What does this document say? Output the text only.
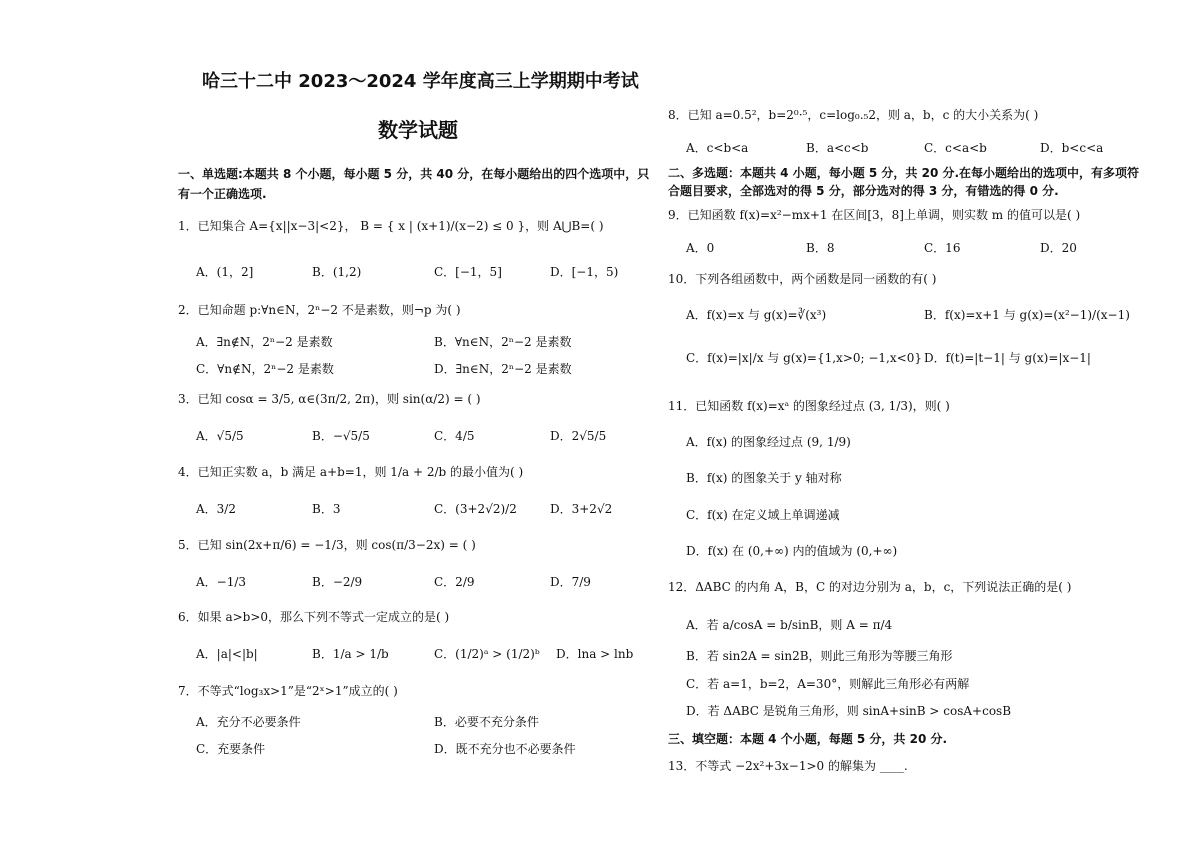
哈三十二中 2023～2024 学年度高三上学期期中考试
数学试题
一、单选题:本题共 8 个小题，每小题 5 分，共 40 分，在每小题给出的四个选项中，只
有一个正确选项.
1．已知集合 A={x||x−3|<2}， B = { x | (x+1)/(x−2) ≤ 0 }，则 A⋃B=( )
A．(1，2]	B．(1,2)	C．[−1，5]	D．[−1，5)
2．已知命题 p:∀n∈N，2ⁿ−2 不是素数，则¬p 为( )
A．∃n∉N，2ⁿ−2 是素数	B．∀n∈N，2ⁿ−2 是素数
C．∀n∉N，2ⁿ−2 是素数	D．∃n∈N，2ⁿ−2 是素数
3．已知 cosα = 3/5, α∈(3π/2, 2π)，则 sin(α/2) = ( )
A．√5/5	B．−√5/5	C．4/5	D．2√5/5
4．已知正实数 a，b 满足 a+b=1，则 1/a + 2/b 的最小值为( )
A．3/2	B．3	C．(3+2√2)/2	D．3+2√2
5．已知 sin(2x+π/6) = −1/3，则 cos(π/3−2x) = ( )
A．−1/3	B．−2/9	C．2/9	D．7/9
6．如果 a>b>0，那么下列不等式一定成立的是( )
A．|a|<|b|	B．1/a > 1/b	C．(1/2)ᵃ > (1/2)ᵇ D．lna > lnb
7．不等式“log₃x>1”是“2ˣ>1”成立的( )
A．充分不必要条件	B．必要不充分条件
C．充要条件	D．既不充分也不必要条件
8．已知 a=0.5²，b=2⁰·⁵，c=log₀.₅2，则 a，b，c 的大小关系为( )
A．c<b<a	B．a<c<b	C．c<a<b	D．b<c<a
二、多选题：本题共 4 小题，每小题 5 分，共 20 分.在每小题给出的选项中，有多项符
合题目要求，全部选对的得 5 分，部分选对的得 3 分，有错选的得 0 分.
9．已知函数 f(x)=x²−mx+1 在区间[3，8]上单调，则实数 m 的值可以是( )
A．0	B．8	C．16	D．20
10．下列各组函数中，两个函数是同一函数的有( )
A．f(x)=x 与 g(x)=∛(x³)	B．f(x)=x+1 与 g(x)=(x²−1)/(x−1)
C．f(x)=|x|/x 与 g(x)={1,x>0; −1,x<0} D．f(t)=|t−1| 与 g(x)=|x−1|
11．已知函数 f(x)=xᵃ 的图象经过点 (3, 1/3)，则( )
A．f(x) 的图象经过点 (9, 1/9)
B．f(x) 的图象关于 y 轴对称
C．f(x) 在定义域上单调递减
D．f(x) 在 (0,+∞) 内的值域为 (0,+∞)
12．ΔABC 的内角 A，B，C 的对边分别为 a，b，c，下列说法正确的是( )
A．若 a/cosA = b/sinB，则 A = π/4
B．若 sin2A = sin2B，则此三角形为等腰三角形
C．若 a=1，b=2，A=30°，则解此三角形必有两解
D．若 ΔABC 是锐角三角形，则 sinA+sinB > cosA+cosB
三、填空题：本题 4 个小题，每题 5 分，共 20 分.
13．不等式 −2x²+3x−1>0 的解集为 ____.
